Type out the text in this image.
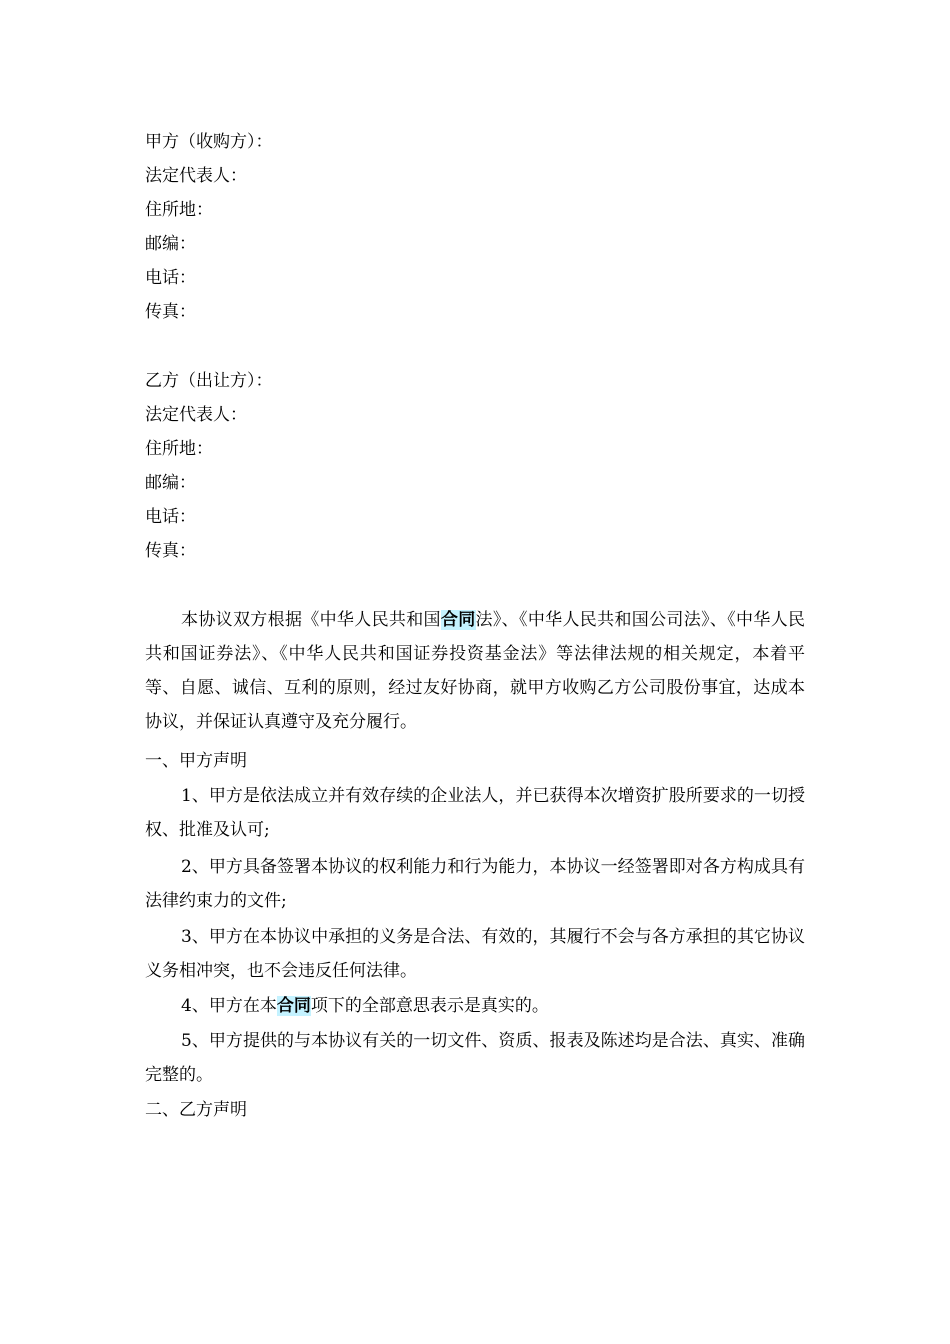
甲方（收购方）：
法定代表人：
住所地：
邮编：
电话：
传真：
乙方（出让方）：
法定代表人：
住所地：
邮编：
电话：
传真：
本协议双方根据《中华人民共和国合同法》、《中华人民共和国公司法》、《中华人民共和国证券法》、《中华人民共和国证券投资基金法》等法律法规的相关规定，本着平等、自愿、诚信、互利的原则，经过友好协商，就甲方收购乙方公司股份事宜，达成本协议，并保证认真遵守及充分履行。
一、甲方声明
1、甲方是依法成立并有效存续的企业法人，并已获得本次增资扩股所要求的一切授权、批准及认可;
2、甲方具备签署本协议的权利能力和行为能力，本协议一经签署即对各方构成具有法律约束力的文件;
3、甲方在本协议中承担的义务是合法、有效的，其履行不会与各方承担的其它协议义务相冲突，也不会违反任何法律。
4、甲方在本合同项下的全部意思表示是真实的。
5、甲方提供的与本协议有关的一切文件、资质、报表及陈述均是合法、真实、准确完整的。
二、乙方声明
